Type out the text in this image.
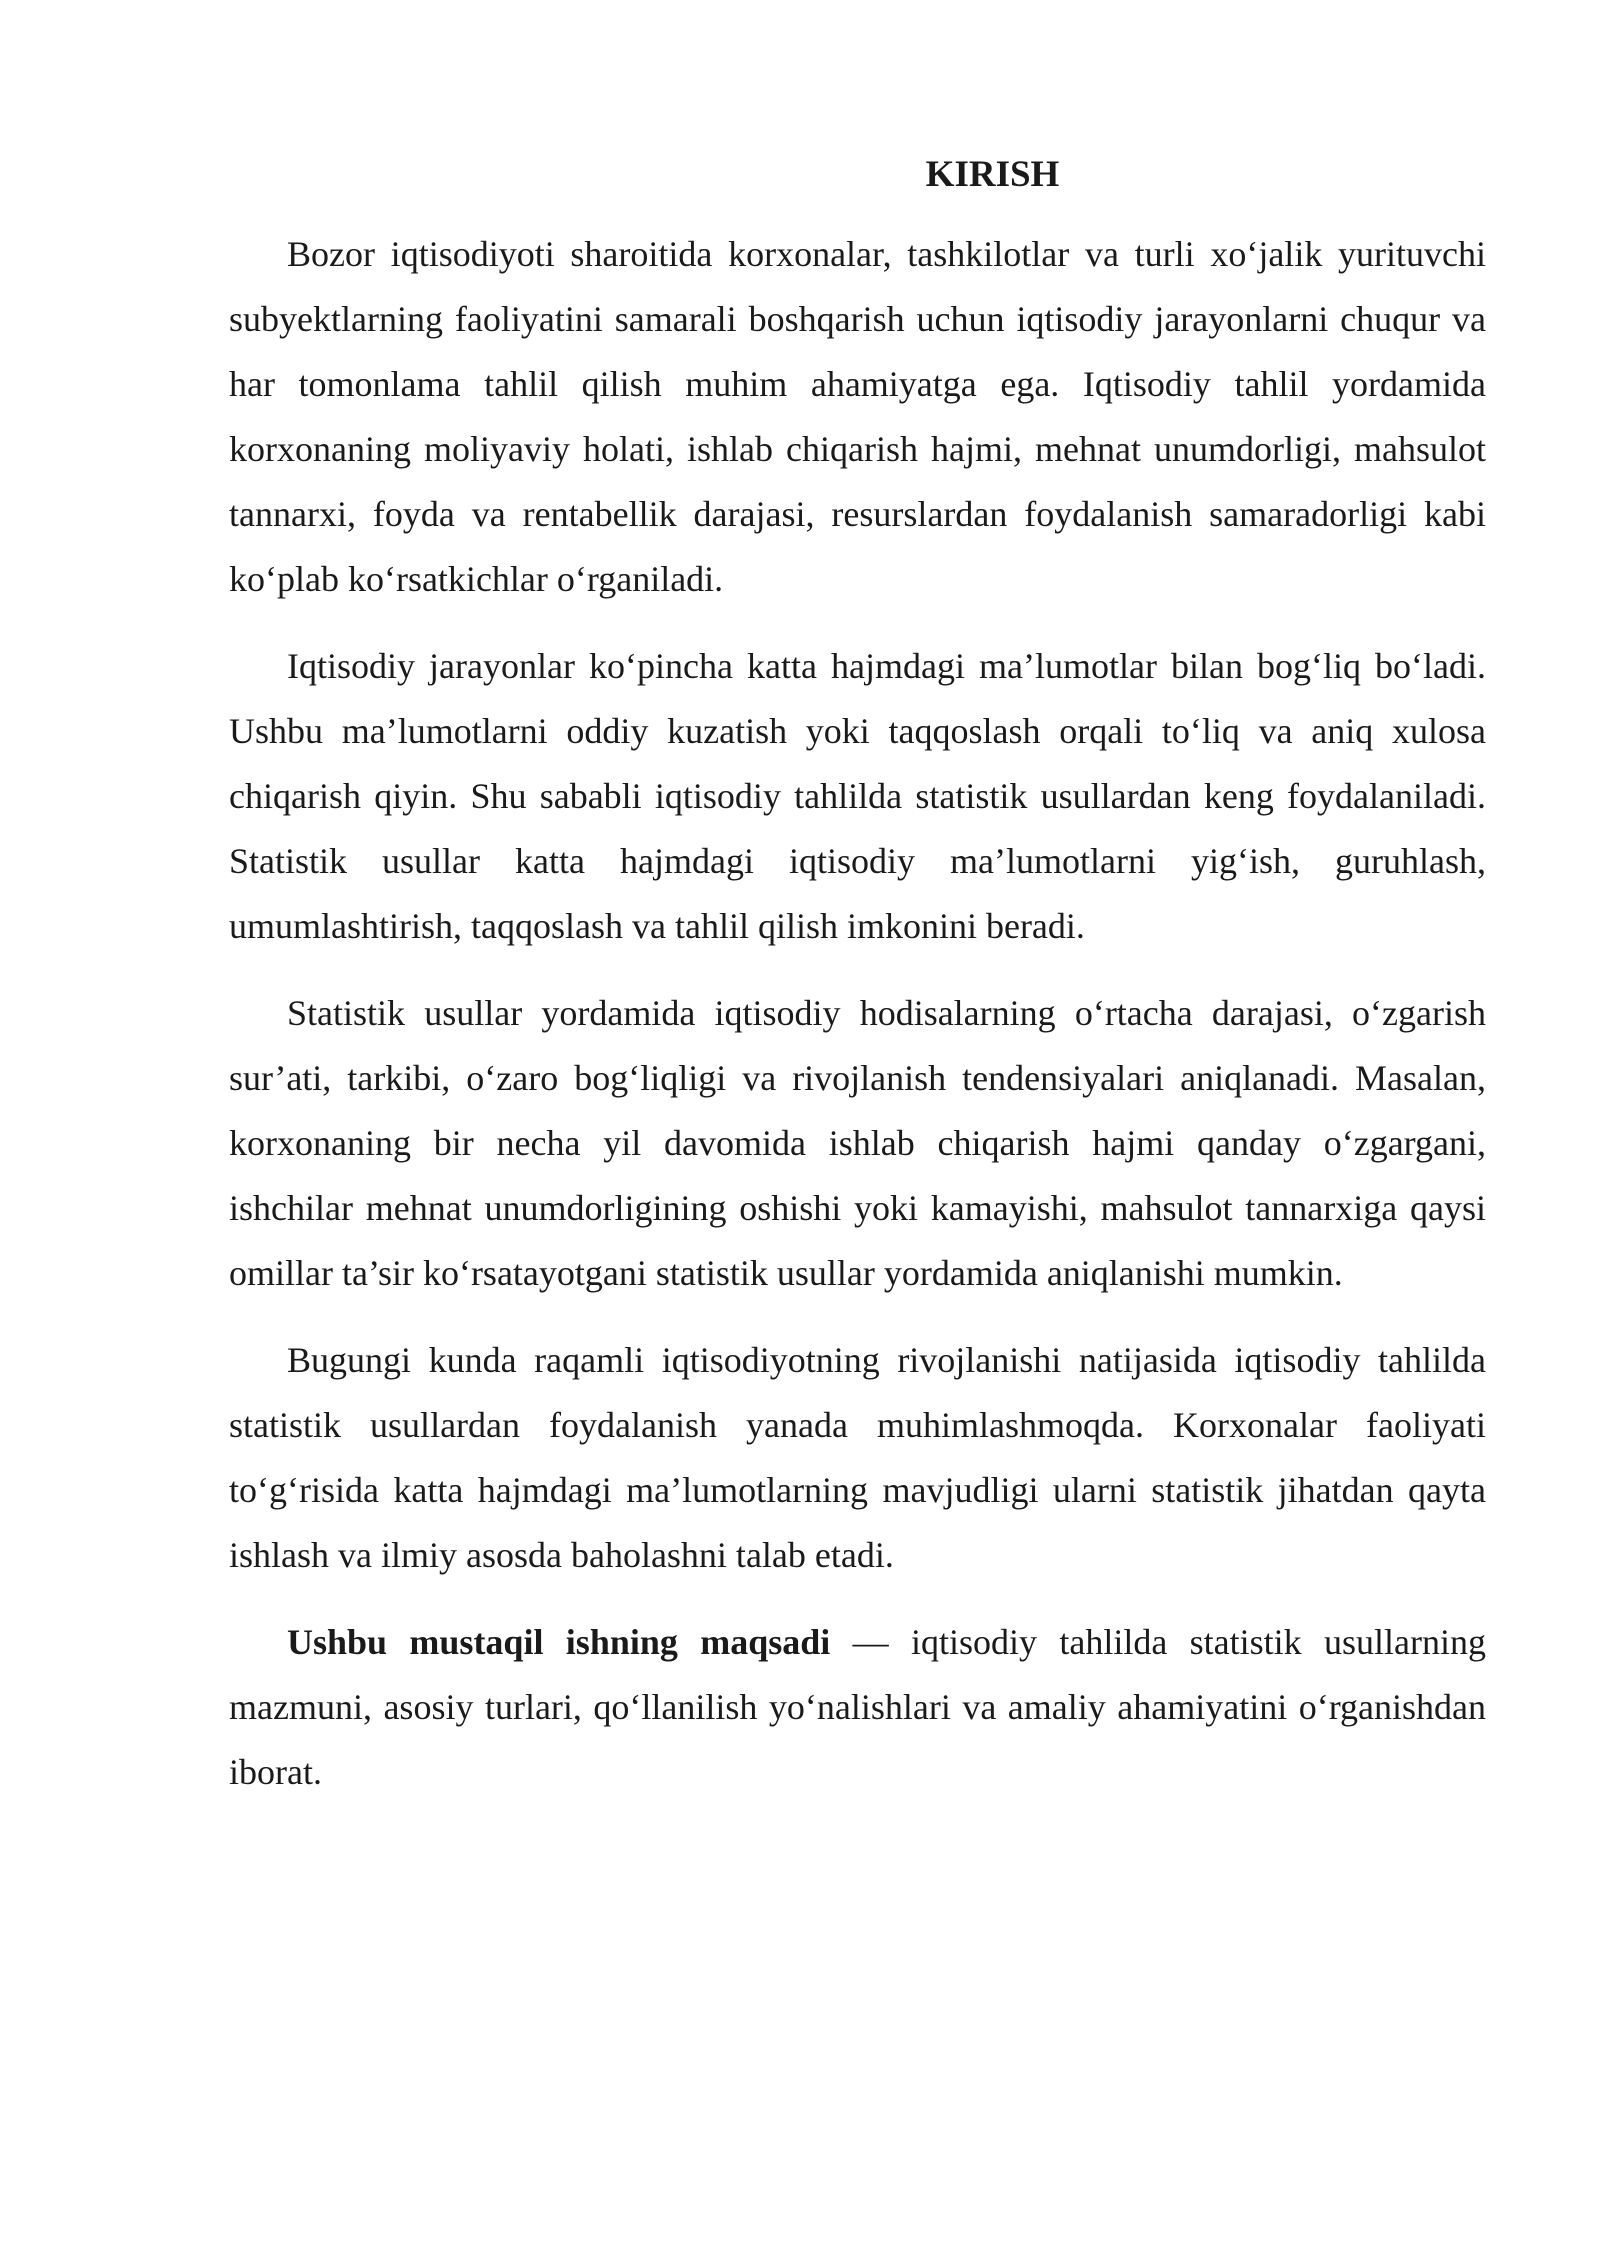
KIRISH

Bozor iqtisodiyoti sharoitida korxonalar, tashkilotlar va turli xo‘jalik yurituvchi subyektlarning faoliyatini samarali boshqarish uchun iqtisodiy jarayonlarni chuqur va har tomonlama tahlil qilish muhim ahamiyatga ega. Iqtisodiy tahlil yordamida korxonaning moliyaviy holati, ishlab chiqarish hajmi, mehnat unumdorligi, mahsulot tannarxi, foyda va rentabellik darajasi, resurslardan foydalanish samaradorligi kabi ko‘plab ko‘rsatkichlar o‘rganiladi.

Iqtisodiy jarayonlar ko‘pincha katta hajmdagi ma’lumotlar bilan bog‘liq bo‘ladi. Ushbu ma’lumotlarni oddiy kuzatish yoki taqqoslash orqali to‘liq va aniq xulosa chiqarish qiyin. Shu sababli iqtisodiy tahlilda statistik usullardan keng foydalaniladi. Statistik usullar katta hajmdagi iqtisodiy ma’lumotlarni yig‘ish, guruhlash, umumlashtirish, taqqoslash va tahlil qilish imkonini beradi.

Statistik usullar yordamida iqtisodiy hodisalarning o‘rtacha darajasi, o‘zgarish sur’ati, tarkibi, o‘zaro bog‘liqligi va rivojlanish tendensiyalari aniqlanadi. Masalan, korxonaning bir necha yil davomida ishlab chiqarish hajmi qanday o‘zgargani, ishchilar mehnat unumdorligining oshishi yoki kamayishi, mahsulot tannarxiga qaysi omillar ta’sir ko‘rsatayotgani statistik usullar yordamida aniqlanishi mumkin.

Bugungi kunda raqamli iqtisodiyotning rivojlanishi natijasida iqtisodiy tahlilda statistik usullardan foydalanish yanada muhimlashmoqda. Korxonalar faoliyati to‘g‘risida katta hajmdagi ma’lumotlarning mavjudligi ularni statistik jihatdan qayta ishlash va ilmiy asosda baholashni talab etadi.

Ushbu mustaqil ishning maqsadi — iqtisodiy tahlilda statistik usullarning mazmuni, asosiy turlari, qo‘llanilish yo‘nalishlari va amaliy ahamiyatini o‘rganishdan iborat.
